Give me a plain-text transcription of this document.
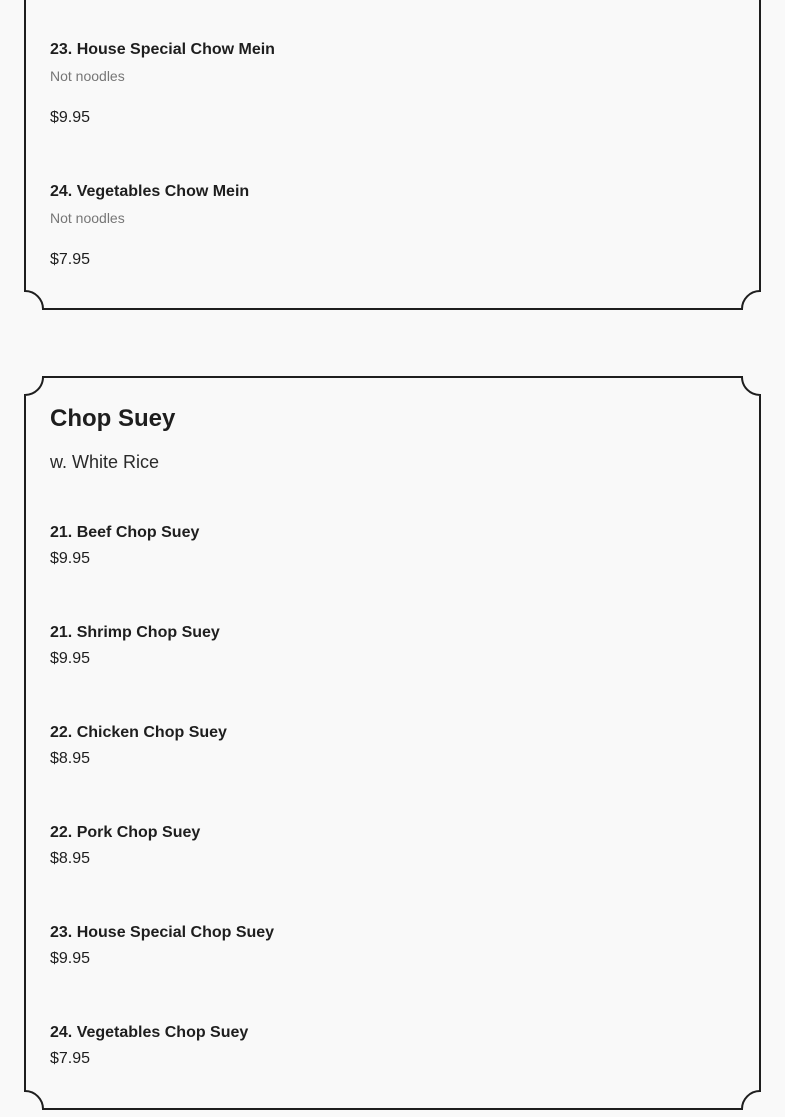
23. House Special Chow Mein
Not noodles
$9.95
24. Vegetables Chow Mein
Not noodles
$7.95
Chop Suey
w. White Rice
21. Beef Chop Suey
$9.95
21. Shrimp Chop Suey
$9.95
22. Chicken Chop Suey
$8.95
22. Pork Chop Suey
$8.95
23. House Special Chop Suey
$9.95
24. Vegetables Chop Suey
$7.95
